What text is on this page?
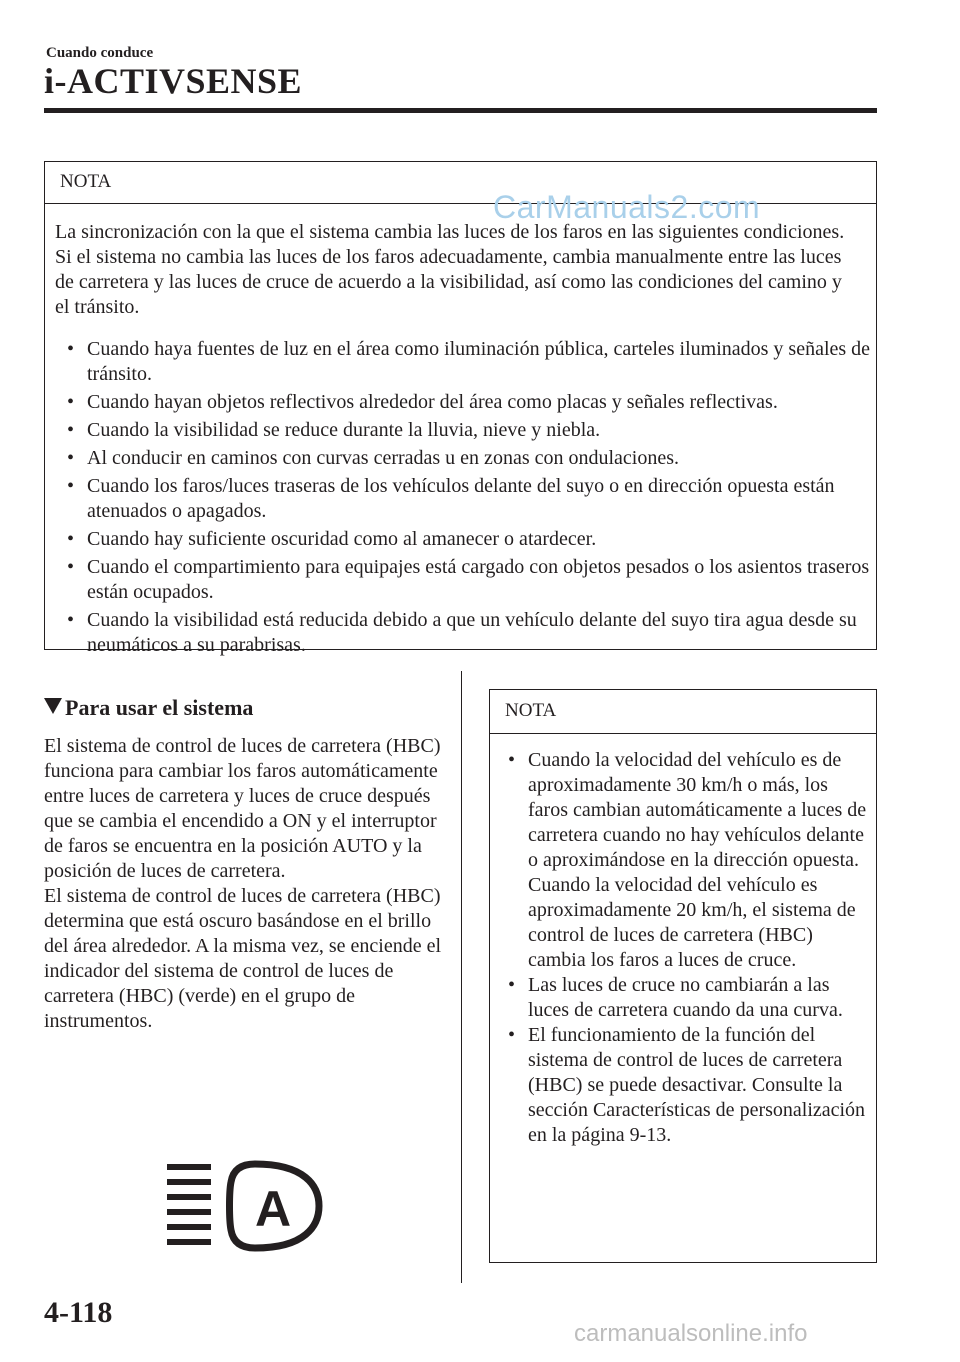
Cuando conduce
i-ACTIVSENSE
NOTA
La sincronización con la que el sistema cambia las luces de los faros en las siguientes condiciones. Si el sistema no cambia las luces de los faros adecuadamente, cambia manualmente entre las luces de carretera y las luces de cruce de acuerdo a la visibilidad, así como las condiciones del camino y el tránsito.
• Cuando haya fuentes de luz en el área como iluminación pública, carteles iluminados y señales de tránsito.
• Cuando hayan objetos reflectivos alrededor del área como placas y señales reflectivas.
• Cuando la visibilidad se reduce durante la lluvia, nieve y niebla.
• Al conducir en caminos con curvas cerradas u en zonas con ondulaciones.
• Cuando los faros/luces traseras de los vehículos delante del suyo o en dirección opuesta están atenuados o apagados.
• Cuando hay suficiente oscuridad como al amanecer o atardecer.
• Cuando el compartimiento para equipajes está cargado con objetos pesados o los asientos traseros están ocupados.
• Cuando la visibilidad está reducida debido a que un vehículo delante del suyo tira agua desde su neumáticos a su parabrisas.
Para usar el sistema

El sistema de control de luces de carretera (HBC) funciona para cambiar los faros automáticamente entre luces de carretera y luces de cruce después que se cambia el encendido a ON y el interruptor de faros se encuentra en la posición AUTO y la posición de luces de carretera.

El sistema de control de luces de carretera (HBC) determina que está oscuro basándose en el brillo del área alrededor. A la misma vez, se enciende el indicador del sistema de control de luces de carretera (HBC) (verde) en el grupo de instrumentos.

A
NOTA
• Cuando la velocidad del vehículo es de aproximadamente 30 km/h o más, los faros cambian automáticamente a luces de carretera cuando no hay vehículos delante o aproximándose en la dirección opuesta.
Cuando la velocidad del vehículo es aproximadamente 20 km/h, el sistema de control de luces de carretera (HBC) cambia los faros a luces de cruce.
• Las luces de cruce no cambiarán a las luces de carretera cuando da una curva.
• El funcionamiento de la función del sistema de control de luces de carretera (HBC) se puede desactivar. Consulte la sección Características de personalización en la página 9-13.
4-118
CarManuals2.com
carmanualsonline.info
